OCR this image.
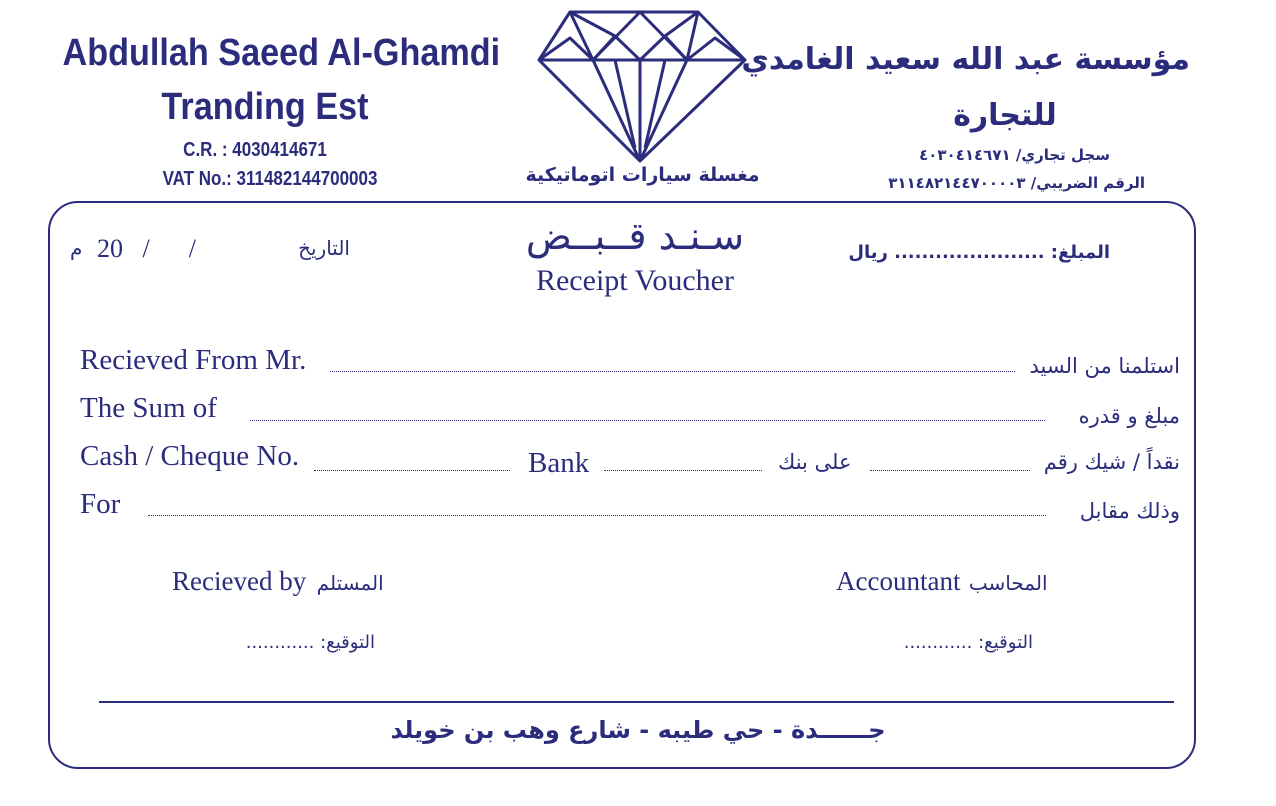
Abdullah Saeed Al-Ghamdi
Tranding Est
C.R. : 4030414671
VAT No.: 311482144700003	مغسلة سيارات اتوماتيكية
مؤسسة عبد الله سعيد الغامدي
للتجارة
سجل تجاري/ ٤٠٣٠٤١٤٦٧١
الرقم الضريبي/ ٣١١٤٨٢١٤٤٧٠٠٠٠٣
م 20   /      /	التاريخ	سـنـد قــبــض
Receipt Voucher
المبلغ: ...................... ريال
Recieved From Mr.	استلمنا من السيد
The Sum of	مبلغ و قدره
Cash / Cheque No.	Bank	على بنك	نقداً / شيك رقم
For	وذلك مقابل
Recieved by المستلم
التوقيع: ............
Accountant المحاسب
التوقيع: ............
جــــــدة - حي طيبه - شارع وهب بن خويلد
